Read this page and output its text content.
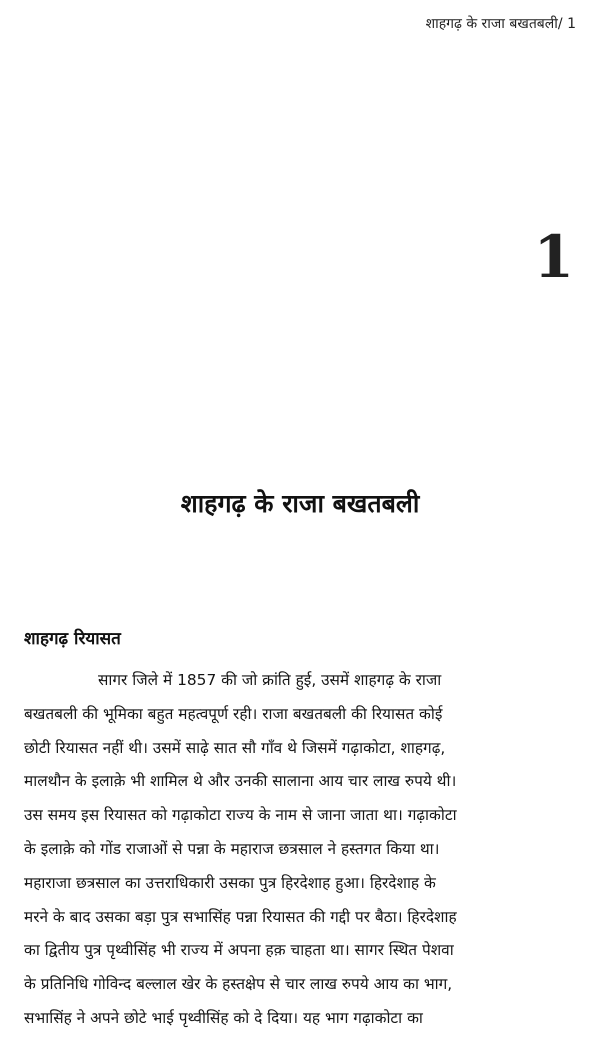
शाहगढ़ के राजा बखतबली/ 1
1
शाहगढ़ के राजा बखतबली
शाहगढ़ रियासत

सागर जिले में 1857 की जो क्रांति हुई, उसमें शाहगढ़ के राजा
बखतबली की भूमिका बहुत महत्वपूर्ण रही। राजा बखतबली की रियासत कोई
छोटी रियासत नहीं थी। उसमें साढ़े सात सौ गाँव थे जिसमें गढ़ाकोटा, शाहगढ़,
मालथौन के इलाक़े भी शामिल थे और उनकी सालाना आय चार लाख रुपये थी।
उस समय इस रियासत को गढ़ाकोटा राज्य के नाम से जाना जाता था। गढ़ाकोटा
के इलाक़े को गोंड राजाओं से पन्ना के महाराज छत्रसाल ने हस्तगत किया था।
महाराजा छत्रसाल का उत्तराधिकारी उसका पुत्र हिरदेशाह हुआ। हिरदेशाह के
मरने के बाद उसका बड़ा पुत्र सभासिंह पन्ना रियासत की गद्दी पर बैठा। हिरदेशाह
का द्वितीय पुत्र पृथ्वीसिंह भी राज्य में अपना हक़ चाहता था। सागर स्थित पेशवा
के प्रतिनिधि गोविन्द बल्लाल खेर के हस्तक्षेप से चार लाख रुपये आय का भाग,
सभासिंह ने अपने छोटे भाई पृथ्वीसिंह को दे दिया। यह भाग गढ़ाकोटा का
